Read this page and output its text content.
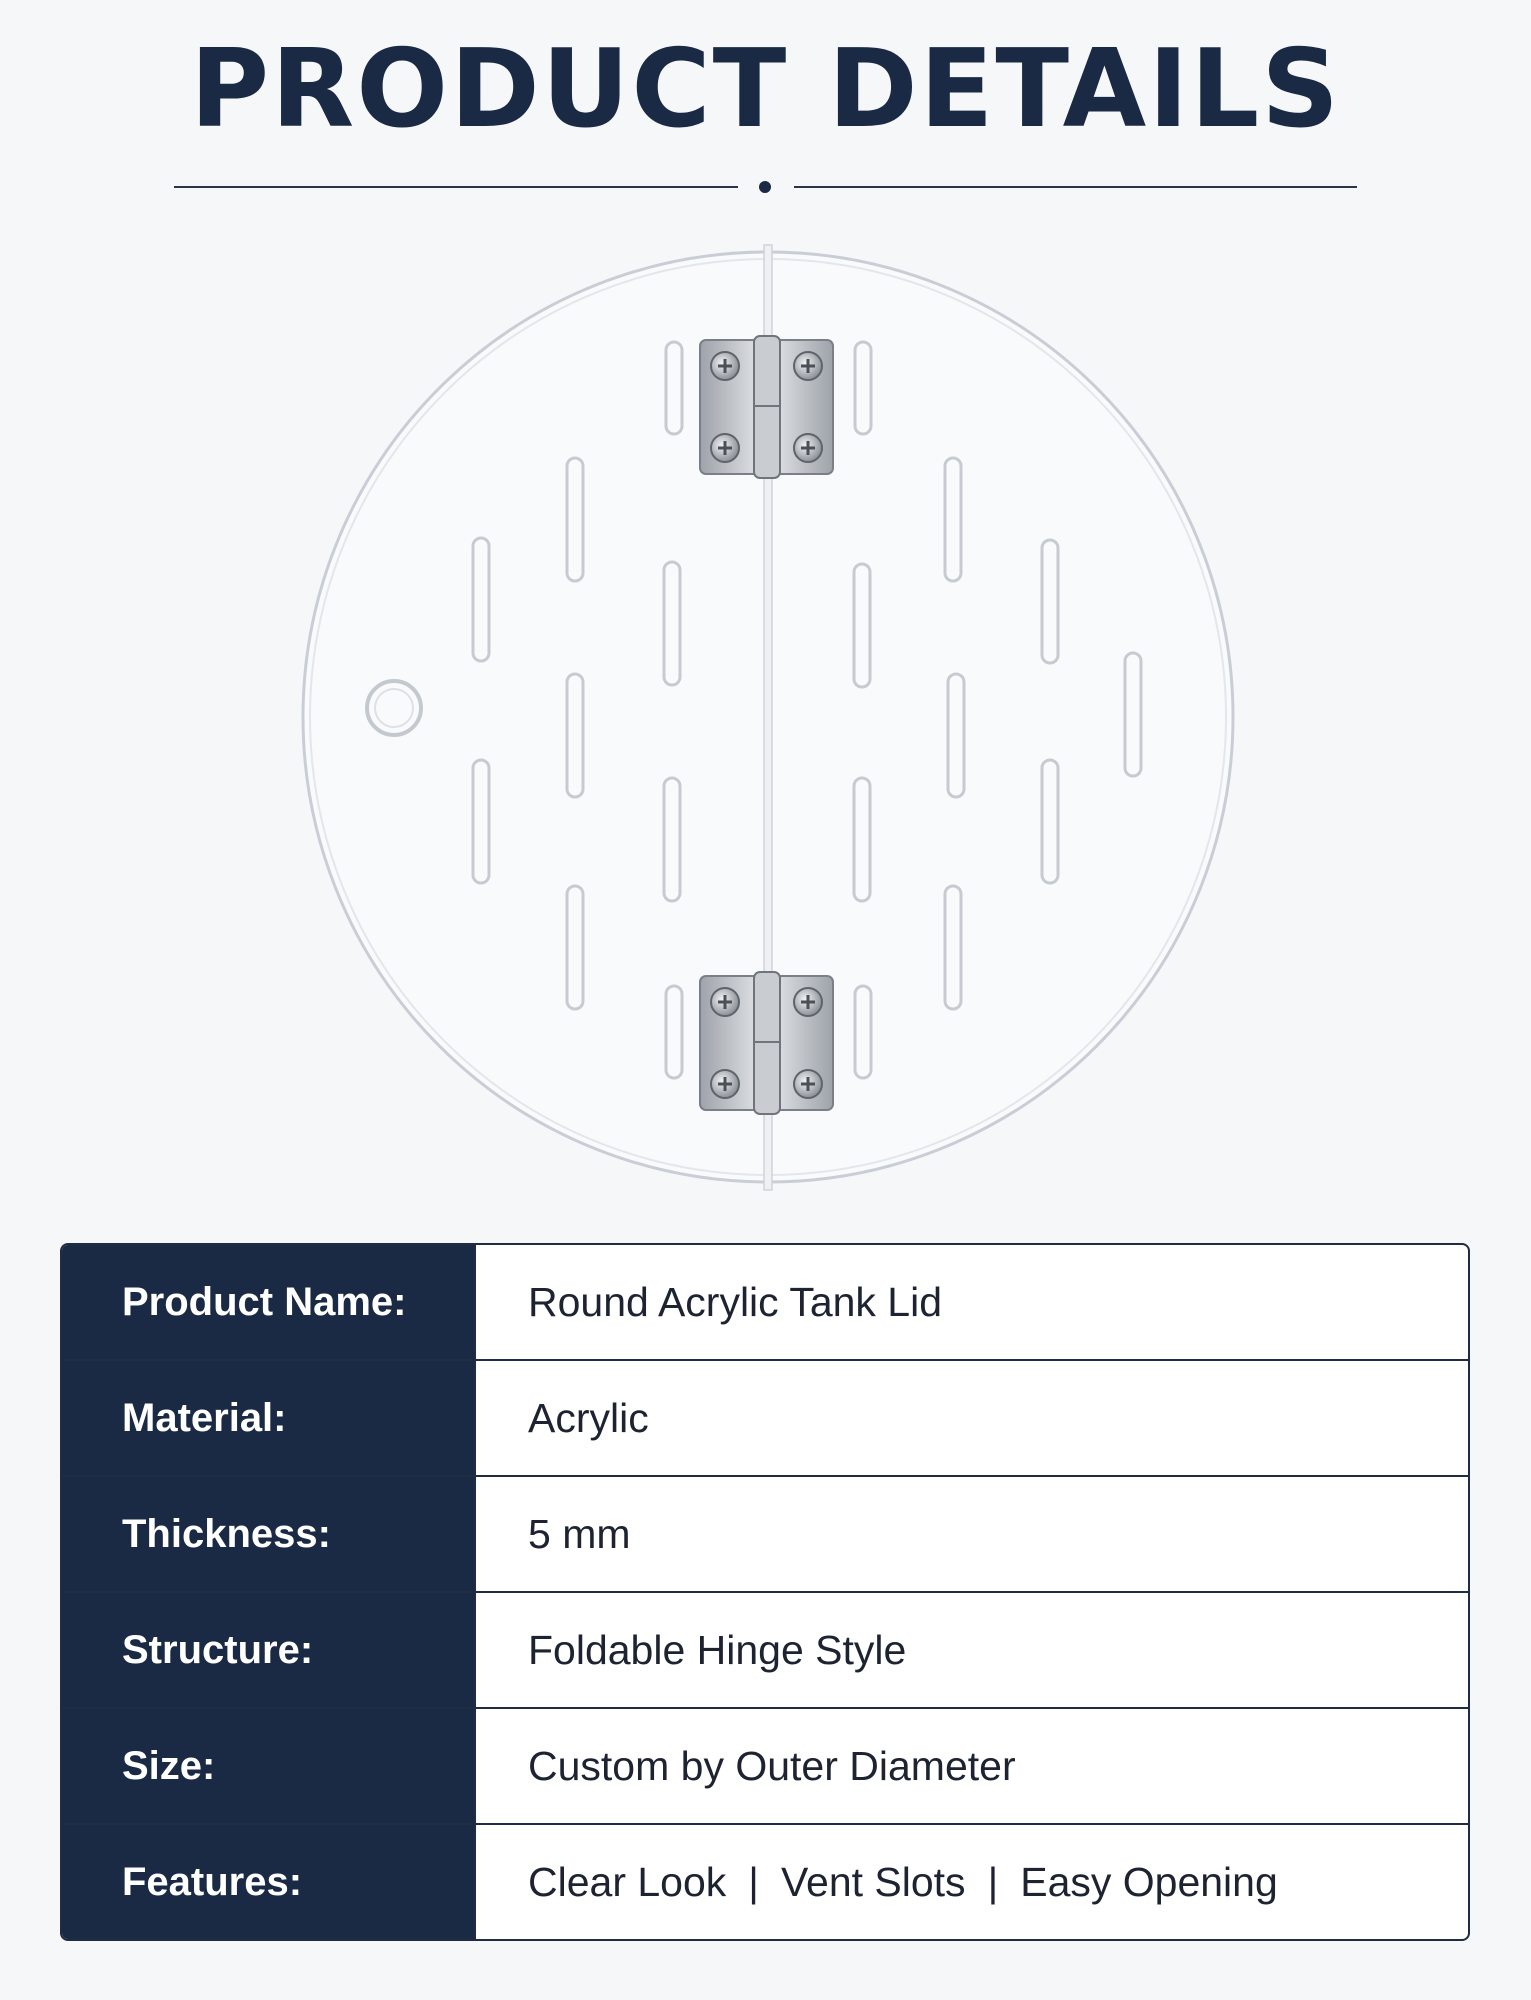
PRODUCT DETAILS
Product Name:	Round Acrylic Tank Lid
Material:	Acrylic
Thickness:	5 mm
Structure:	Foldable Hinge Style
Size:	Custom by Outer Diameter
Features:	Clear Look | Vent Slots | Easy Opening
